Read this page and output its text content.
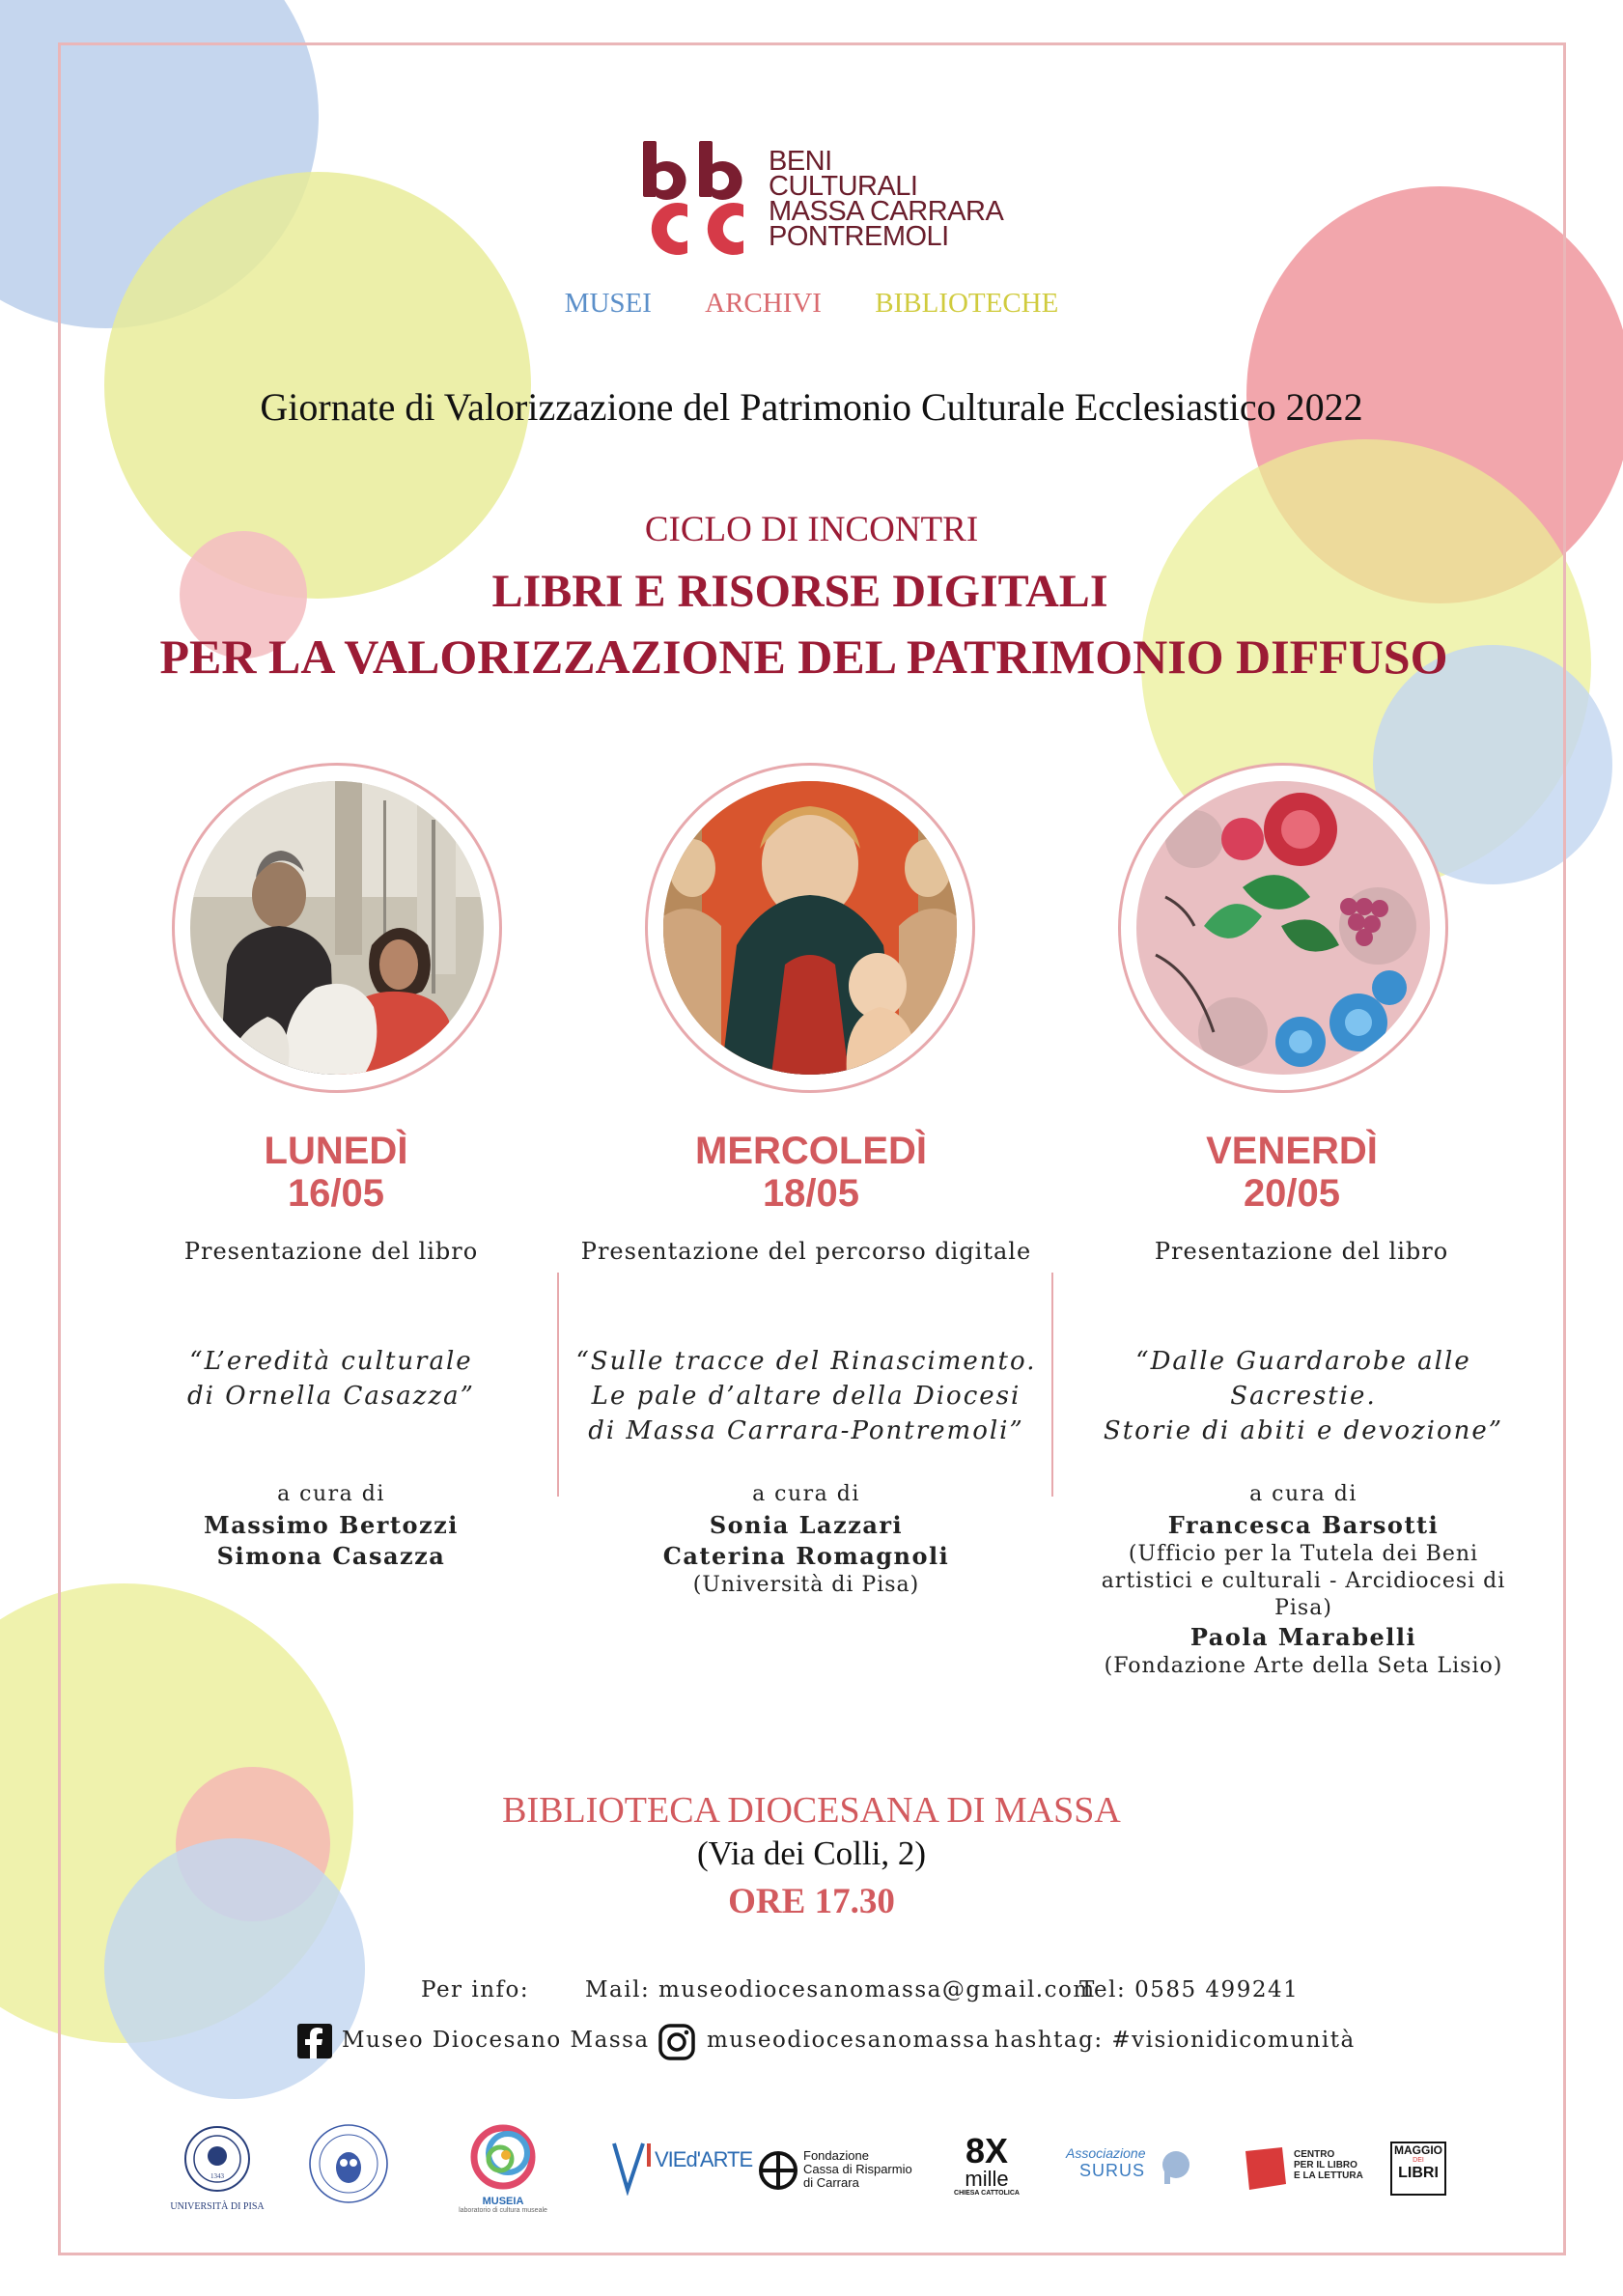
bbcc
BENI
CULTURALI
MASSA CARRARA
PONTREMOLI
MUSEI ARCHIVI BIBLIOTECHE
Giornate di Valorizzazione del Patrimonio Culturale Ecclesiastico 2022
CICLO DI INCONTRI
LIBRI E RISORSE DIGITALI
PER LA VALORIZZAZIONE DEL PATRIMONIO DIFFUSO
LUNEDÌ
16/05
Presentazione del libro
“L’eredità culturale
di Ornella Casazza”
a cura di
Massimo Bertozzi
Simona Casazza
MERCOLEDÌ
18/05
Presentazione del percorso digitale
“Sulle tracce del Rinascimento.
Le pale d’altare della Diocesi
di Massa Carrara-Pontremoli”
a cura di
Sonia Lazzari
Caterina Romagnoli
(Università di Pisa)
VENERDÌ
20/05
Presentazione del libro
“Dalle Guardarobe alle Sacrestie.
Storie di abiti e devozione”
a cura di
Francesca Barsotti
(Ufficio per la Tutela dei Beni artistici e culturali - Arcidiocesi di Pisa)
Paola Marabelli
(Fondazione Arte della Seta Lisio)
BIBLIOTECA DIOCESANA DI MASSA
(Via dei Colli, 2)
ORE 17.30
Per info:	Mail: museodiocesanomassa@gmail.com
Tel: 0585 499241
Museo Diocesano Massa	museodiocesanomassa hashtag: #visionidicomunità
1343
UNIVERSITÀ DI PISA	MUSEIA
laboratorio di cultura museale
VIEd'ARTE	Fondazione
Cassa di Risparmio
di Carrara
8X
mille
CHIESA CATTOLICA
Associazione
SURUS
CENTRO
PER IL LIBRO
E LA LETTURA
MAGGIO
DEI
LIBRI
